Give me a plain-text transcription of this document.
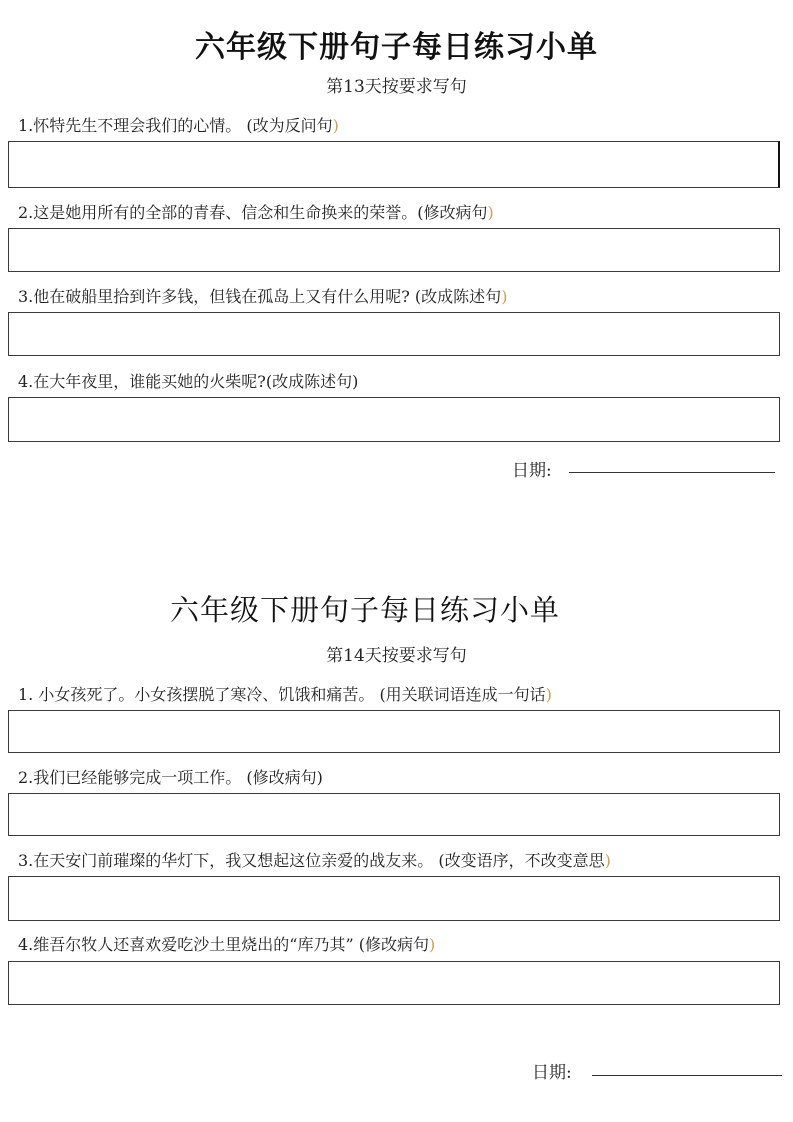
六年级下册句子每日练习小单
第13天按要求写句
1.怀特先生不理会我们的心情。 (改为反问句)
2.这是她用所有的全部的青春、信念和生命换来的荣誉。(修改病句)
3.他在破船里拾到许多钱，但钱在孤岛上又有什么用呢? (改成陈述句)
4.在大年夜里，谁能买她的火柴呢?(改成陈述句)
日期:
六年级下册句子每日练习小单
第14天按要求写句
1. 小女孩死了。小女孩摆脱了寒冷、饥饿和痛苦。 (用关联词语连成一句话)
2.我们已经能够完成一项工作。 (修改病句)
3.在天安门前璀璨的华灯下，我又想起这位亲爱的战友来。 (改变语序，不改变意思)
4.维吾尔牧人还喜欢爱吃沙土里烧出的“库乃其” (修改病句)
日期:
